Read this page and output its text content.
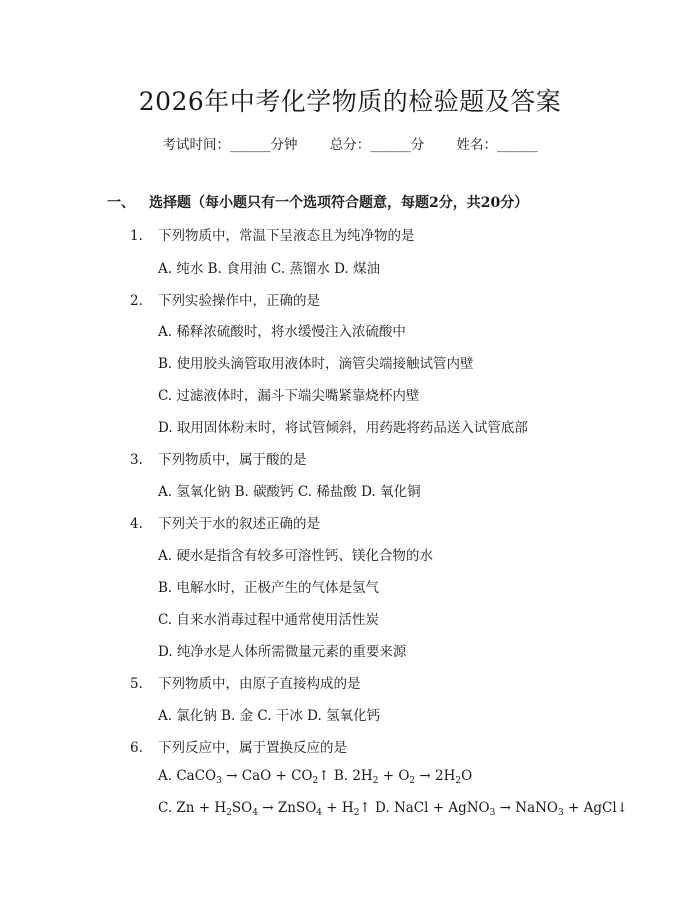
2026年中考化学物质的检验题及答案
考试时间：______分钟 总分：______分 姓名：______
一、 选择题（每小题只有一个选项符合题意，每题2分，共20分）
1. 下列物质中，常温下呈液态且为纯净物的是
A. 纯水 B. 食用油 C. 蒸馏水 D. 煤油
2. 下列实验操作中，正确的是
A. 稀释浓硫酸时，将水缓慢注入浓硫酸中
B. 使用胶头滴管取用液体时，滴管尖端接触试管内壁
C. 过滤液体时，漏斗下端尖嘴紧靠烧杯内壁
D. 取用固体粉末时，将试管倾斜，用药匙将药品送入试管底部
3. 下列物质中，属于酸的是
A. 氢氧化钠 B. 碳酸钙 C. 稀盐酸 D. 氧化铜
4. 下列关于水的叙述正确的是
A. 硬水是指含有较多可溶性钙、镁化合物的水
B. 电解水时，正极产生的气体是氢气
C. 自来水消毒过程中通常使用活性炭
D. 纯净水是人体所需微量元素的重要来源
5. 下列物质中，由原子直接构成的是
A. 氯化钠 B. 金 C. 干冰 D. 氢氧化钙
6. 下列反应中，属于置换反应的是
A. CaCO$_3$ → CaO + $CO_2↑$ B. $2H_2 + O_2 \to 2H_2O$
C. $Zn + H_2SO_4$ → ZnSO$_4$ + $H_2↑$ D. NaCl + AgNO$_3$ → NaNO$_3$ + AgCl↓
